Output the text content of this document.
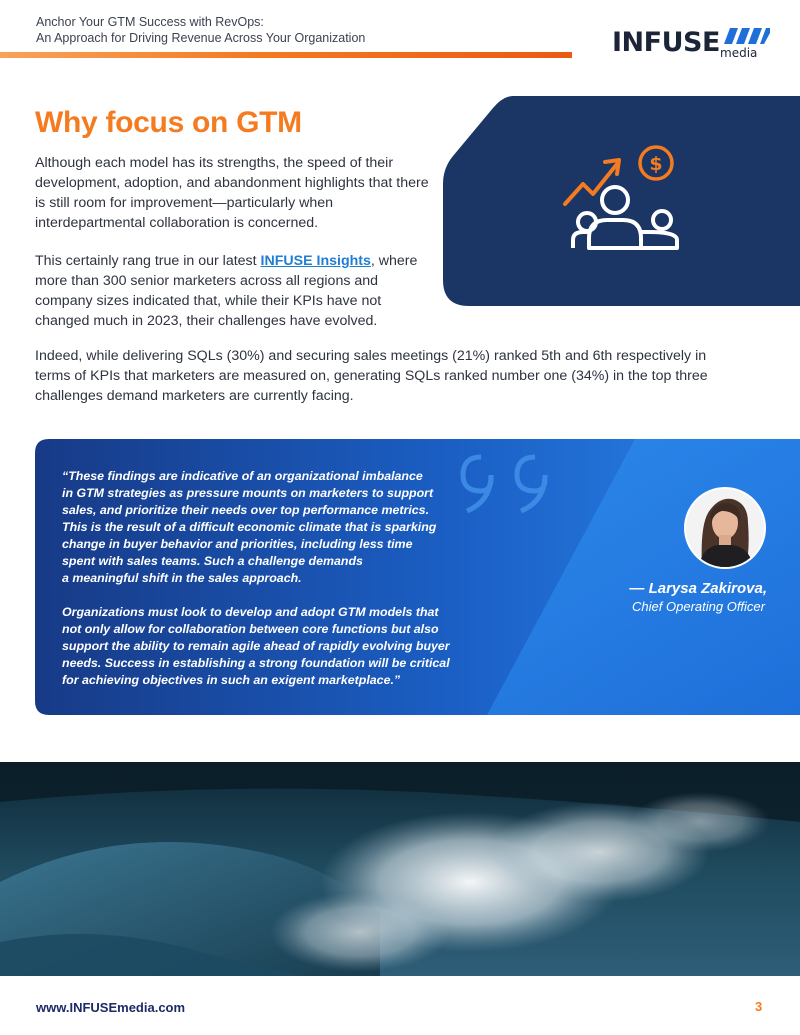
Anchor Your GTM Success with RevOps:
An Approach for Driving Revenue Across Your Organization	INFUSE media
Why focus on GTM

Although each model has its strengths, the speed of their development, adoption, and abandonment highlights that there is still room for improvement—particularly when interdepartmental collaboration is concerned.

This certainly rang true in our latest INFUSE Insights, where more than 300 senior marketers across all regions and company sizes indicated that, while their KPIs have not changed much in 2023, their challenges have evolved.

Indeed, while delivering SQLs (30%) and securing sales meetings (21%) ranked 5th and 6th respectively in terms of KPIs that marketers are measured on, generating SQLs ranked number one (34%) in the top three challenges demand marketers are currently facing.

$

“These findings are indicative of an organizational imbalance
in GTM strategies as pressure mounts on marketers to support
sales, and prioritize their needs over top performance metrics.
This is the result of a difficult economic climate that is sparking
change in buyer behavior and priorities, including less time
spent with sales teams. Such a challenge demands
a meaningful shift in the sales approach.

Organizations must look to develop and adopt GTM models that
not only allow for collaboration between core functions but also
support the ability to remain agile ahead of rapidly evolving buyer
needs. Success in establishing a strong foundation will be critical
for achieving objectives in such an exigent marketplace.”

— Larysa Zakirova,
Chief Operating Officer
www.INFUSEmedia.com	3
